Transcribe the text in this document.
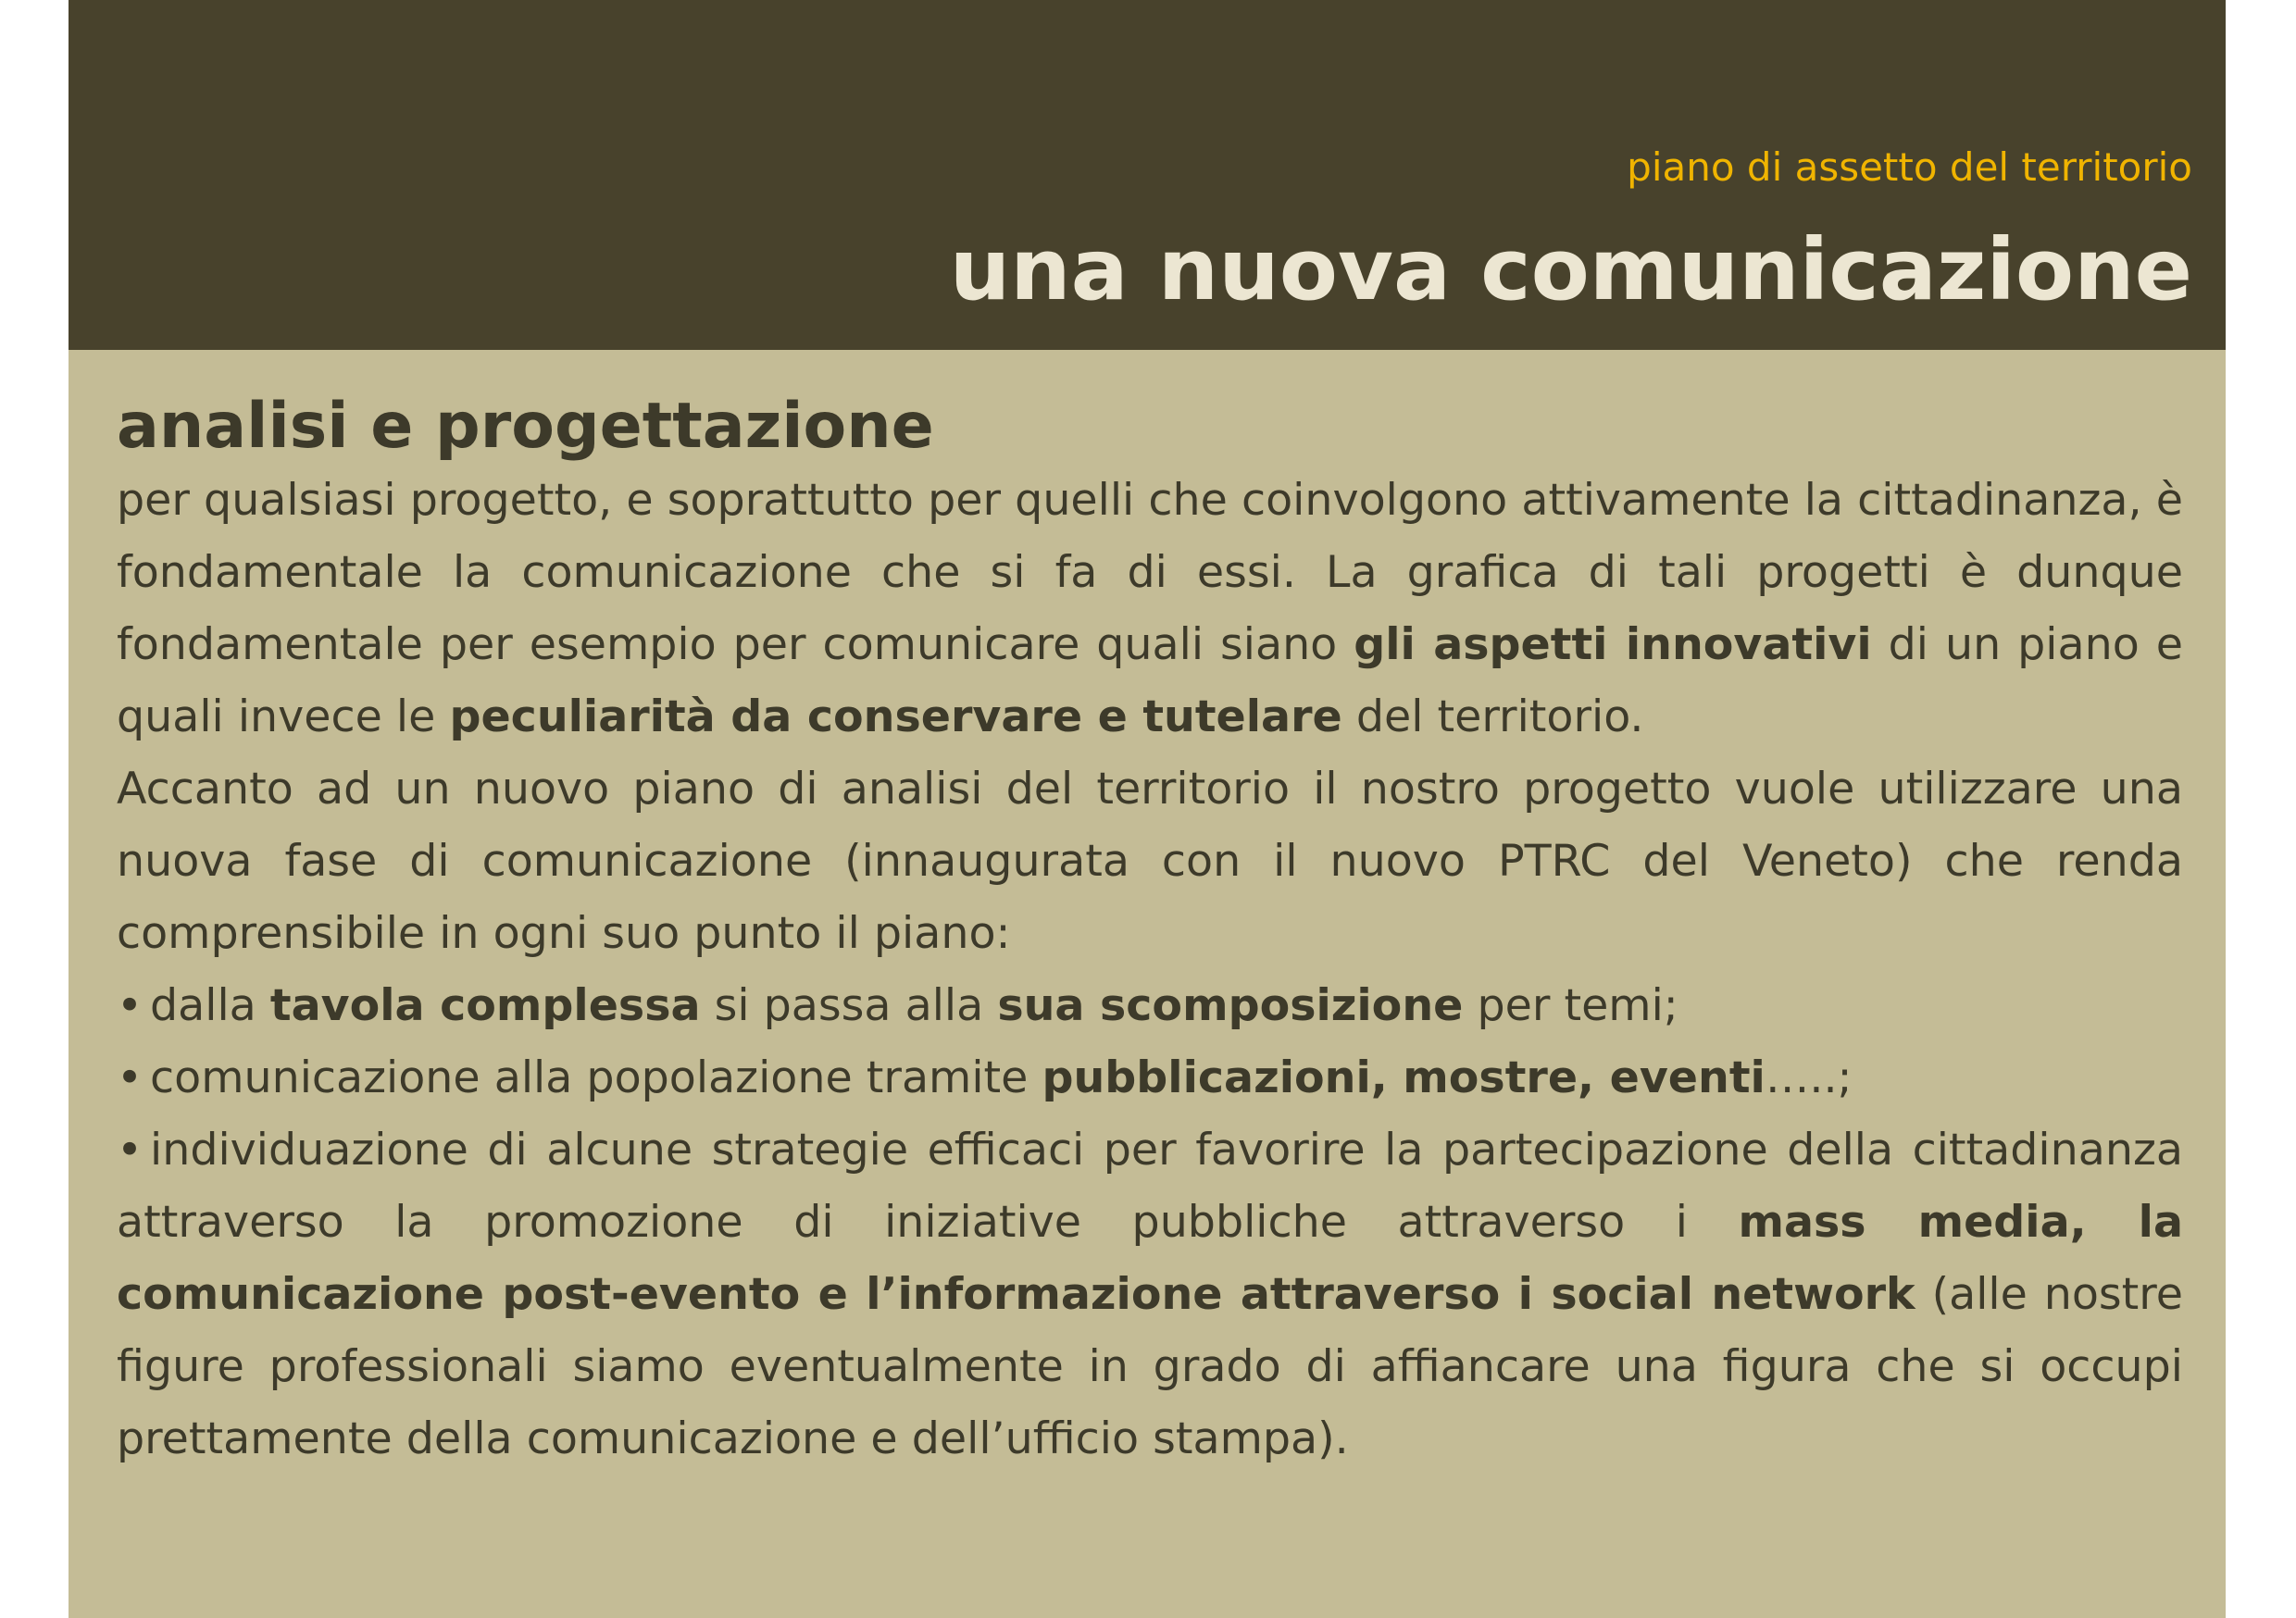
piano di assetto del territorio
una nuova comunicazione
analisi e progettazione

per qualsiasi progetto, e soprattutto per quelli che coinvolgono attivamente la cittadinanza, è fondamentale la comunicazione che si fa di essi. La grafica di tali progetti è dunque fondamentale per esempio per comunicare quali siano gli aspetti innovativi di un piano e quali invece le peculiarità da conservare e tutelare del territorio.

Accanto ad un nuovo piano di analisi del territorio il nostro progetto vuole utilizzare una nuova fase di comunicazione (innaugurata con il nuovo PTRC del Veneto) che renda comprensibile in ogni suo punto il piano:

• dalla tavola complessa si passa alla sua scomposizione per temi;

• comunicazione alla popolazione tramite pubblicazioni, mostre, eventi…..;

• individuazione di alcune strategie efficaci per favorire la partecipazione della cittadinanza attraverso la promozione di iniziative pubbliche attraverso i mass media, la comunicazione post-evento e l’informazione attraverso i social network (alle nostre figure professionali siamo eventualmente in grado di affiancare una figura che si occupi prettamente della comunicazione e dell’ufficio stampa).
